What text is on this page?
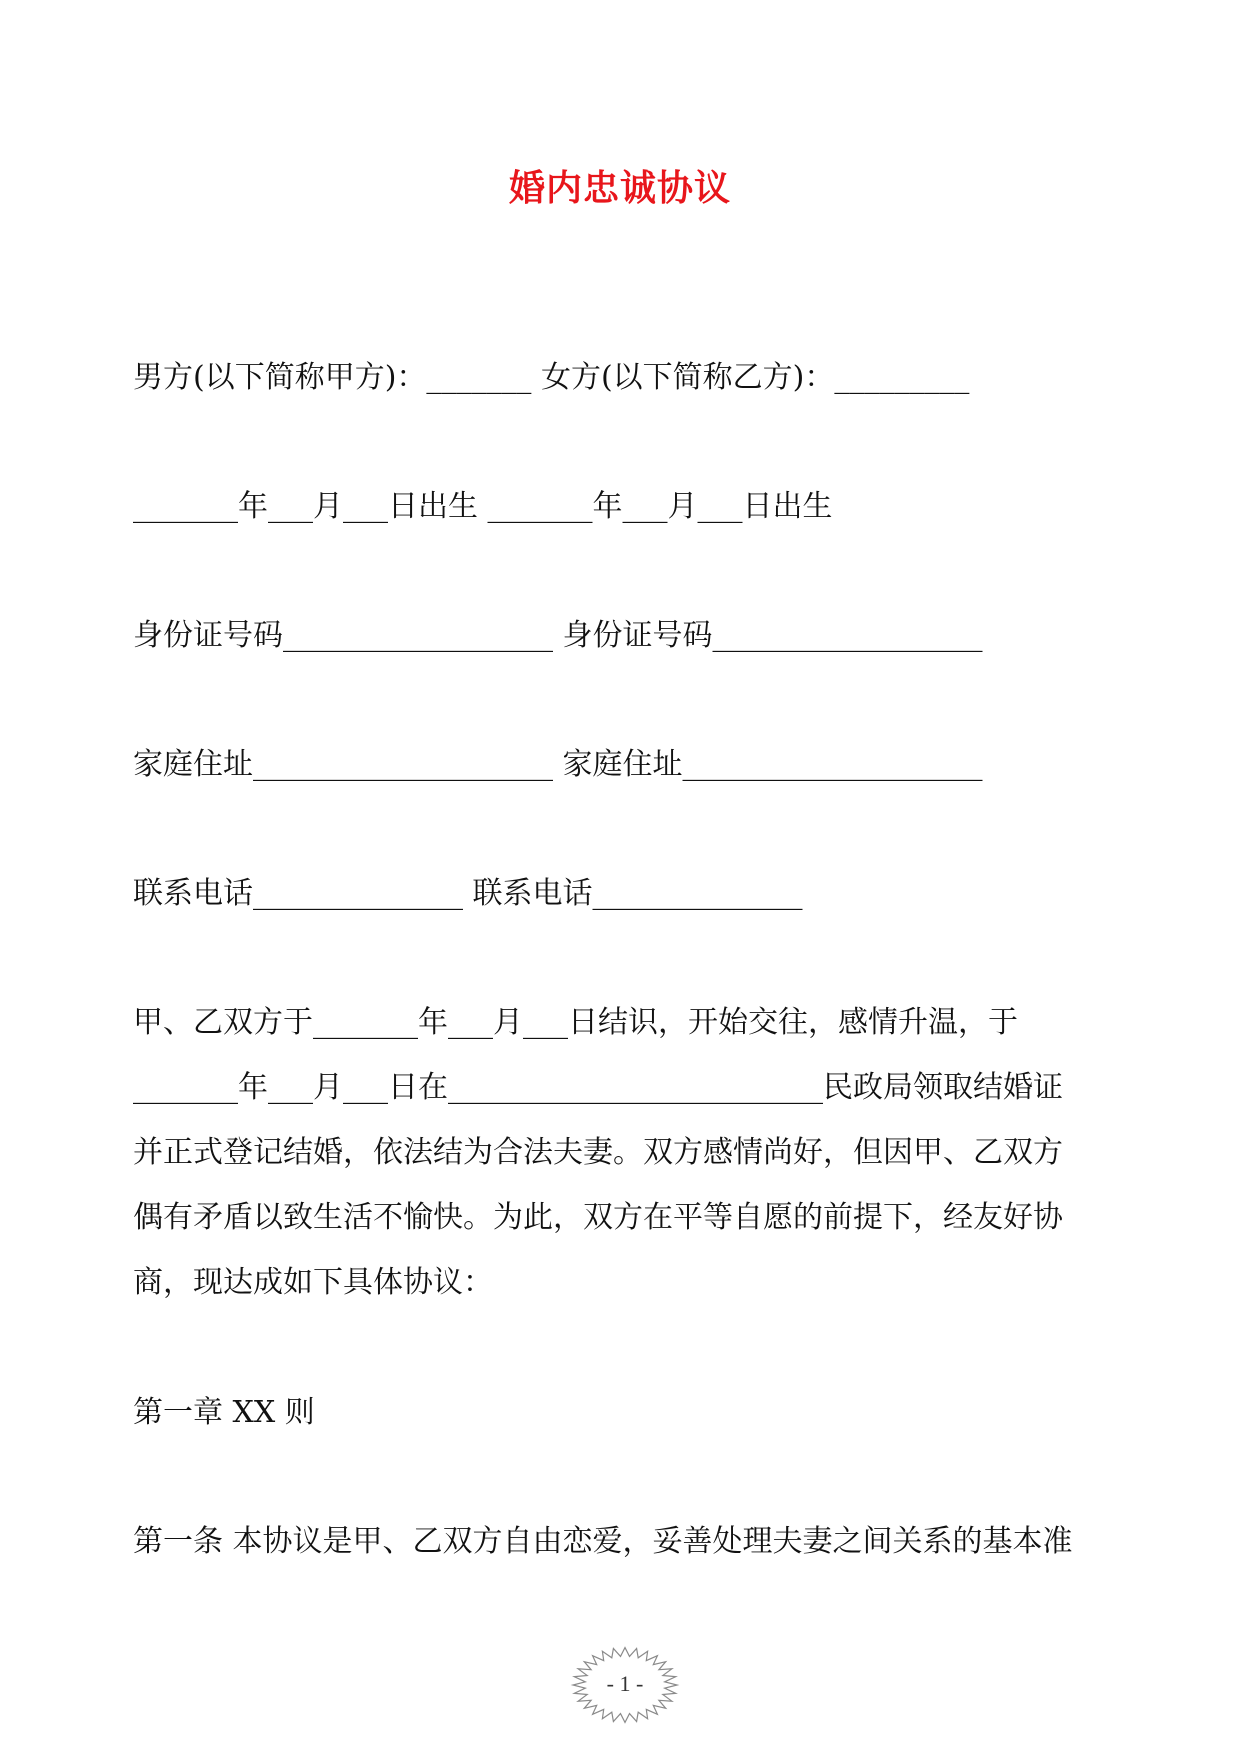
婚内忠诚协议
男方(以下简称甲方)：_______ 女方(以下简称乙方)：_________
_______年___月___日出生 _______年___月___日出生
身份证号码__________________ 身份证号码__________________
家庭住址____________________ 家庭住址____________________
联系电话______________ 联系电话______________
甲、乙双方于_______年___月___日结识，开始交往，感情升温，于
_______年___月___日在_________________________民政局领取结婚证
并正式登记结婚，依法结为合法夫妻。双方感情尚好，但因甲、乙双方
偶有矛盾以致生活不愉快。为此，双方在平等自愿的前提下，经友好协
商，现达成如下具体协议：
第一章 XX 则
第一条 本协议是甲、乙双方自由恋爱，妥善处理夫妻之间关系的基本准
- 1 -
